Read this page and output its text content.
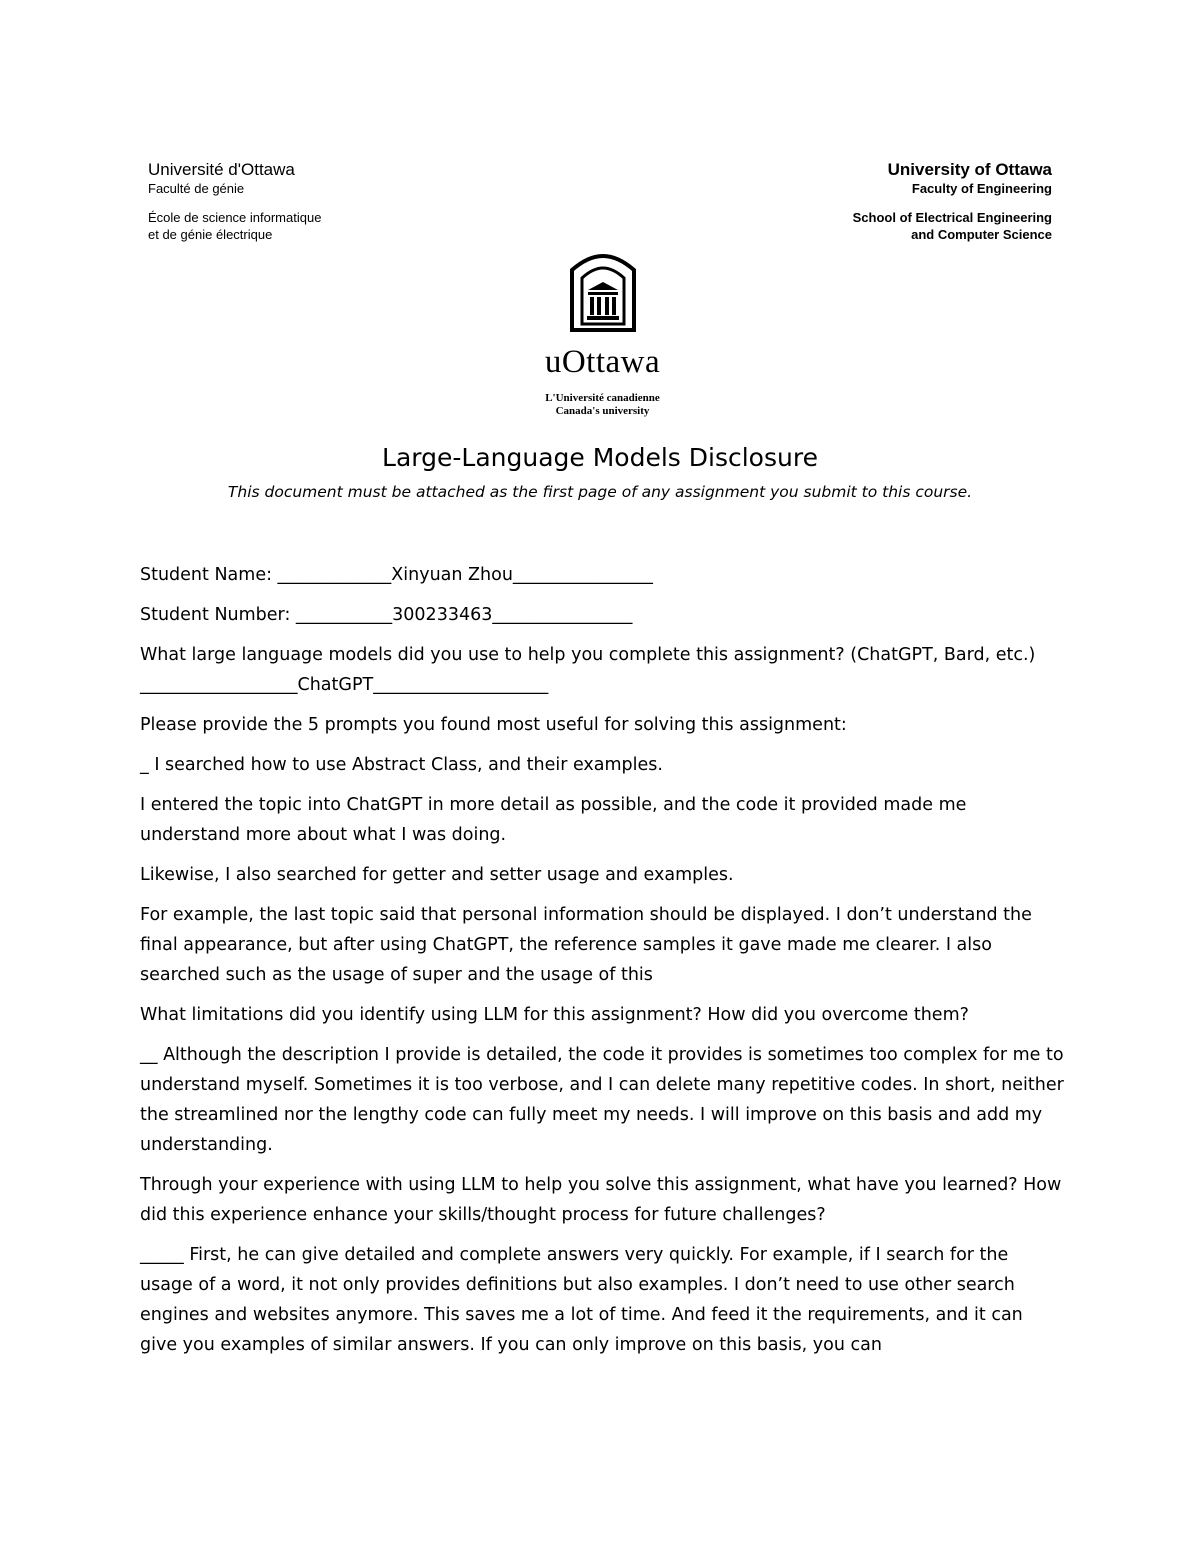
Université d'Ottawa
Faculté de génie
École de science informatique
et de génie électrique
University of Ottawa
Faculty of Engineering
School of Electrical Engineering
and Computer Science
uOttawa
L'Université canadienne
Canada's university
Large-Language Models Disclosure
This document must be attached as the first page of any assignment you submit to this course.

Student Name: _____________Xinyuan Zhou________________

Student Number: ___________300233463________________

What large language models did you use to help you complete this assignment? (ChatGPT, Bard, etc.)

__________________ChatGPT____________________

Please provide the 5 prompts you found most useful for solving this assignment:

_ I searched how to use Abstract Class, and their examples.

I entered the topic into ChatGPT in more detail as possible, and the code it provided made me understand more about what I was doing.

Likewise, I also searched for getter and setter usage and examples.

For example, the last topic said that personal information should be displayed. I don’t understand the final appearance, but after using ChatGPT, the reference samples it gave made me clearer. I also searched such as the usage of super and the usage of this

What limitations did you identify using LLM for this assignment? How did you overcome them?

__ Although the description I provide is detailed, the code it provides is sometimes too complex for me to understand myself. Sometimes it is too verbose, and I can delete many repetitive codes. In short, neither the streamlined nor the lengthy code can fully meet my needs. I will improve on this basis and add my understanding.

Through your experience with using LLM to help you solve this assignment, what have you learned? How did this experience enhance your skills/thought process for future challenges?

_____ First, he can give detailed and complete answers very quickly. For example, if I search for the usage of a word, it not only provides definitions but also examples. I don’t need to use other search engines and websites anymore. This saves me a lot of time. And feed it the requirements, and it can give you examples of similar answers. If you can only improve on this basis, you can
